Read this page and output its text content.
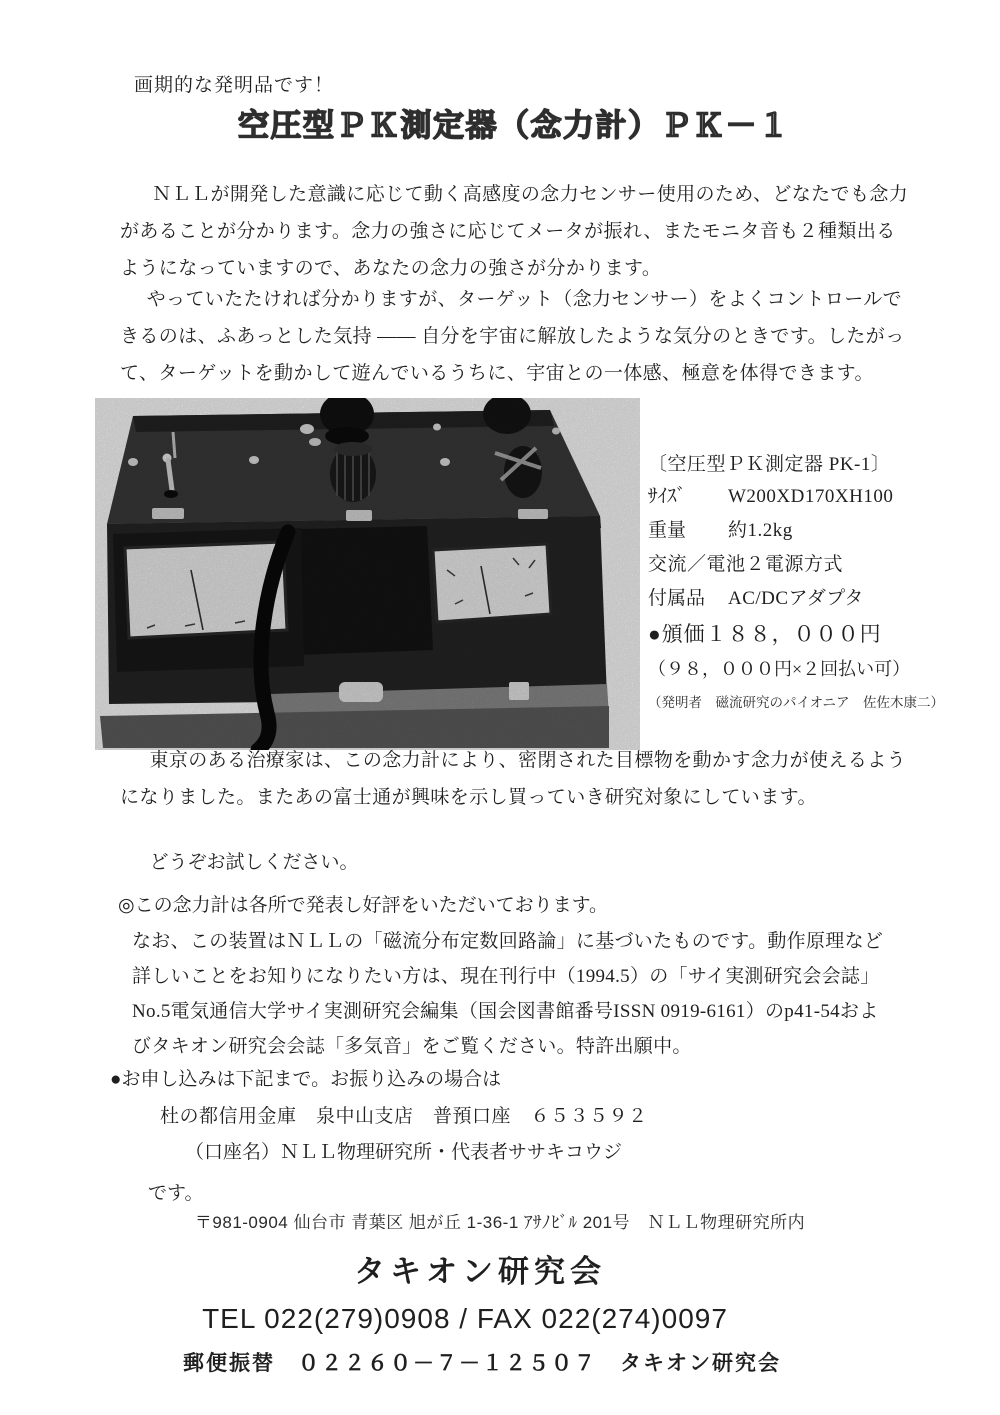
画期的な発明品です！
空圧型ＰＫ測定器（念力計）ＰＫ－１
ＮＬＬが開発した意識に応じて動く高感度の念力センサー使用のため、どなたでも念力
があることが分かります。念力の強さに応じてメータが振れ、またモニタ音も２種類出る
ようになっていますので、あなたの念力の強さが分かります。
やっていたたければ分かりますが、ターゲット（念力センサー）をよくコントロールで
きるのは、ふあっとした気持 ―― 自分を宇宙に解放したような気分のときです。したがっ
て、ターゲットを動かして遊んでいるうちに、宇宙との一体感、極意を体得できます。
〔空圧型ＰＫ測定器 PK-1〕
ｻｲｽﾞ W200XD170XH100
重量 約1.2kg
交流／電池２電源方式
付属品 AC/DCアダプタ
●頒価１８８，０００円
（９８，０００円×２回払い可）
（発明者　磁流研究のパイオニア　佐佐木康二）
東京のある治療家は、この念力計により、密閉された目標物を動かす念力が使えるよう
になりました。またあの富士通が興味を示し買っていき研究対象にしています。
どうぞお試しください。
◎この念力計は各所で発表し好評をいただいております。
なお、この装置はＮＬＬの「磁流分布定数回路論」に基づいたものです。動作原理など
詳しいことをお知りになりたい方は、現在刊行中（1994.5）の「サイ実測研究会会誌」
No.5電気通信大学サイ実測研究会編集（国会図書館番号ISSN 0919-6161）のp41-54およ
びタキオン研究会会誌「多気音」をご覧ください。特許出願中。
●お申し込みは下記まで。お振り込みの場合は
杜の都信用金庫　泉中山支店　普預口座　６５３５９２
（口座名）ＮＬＬ物理研究所・代表者ササキコウジ
です。
〒981-0904 仙台市 青葉区 旭が丘 1-36-1 ｱｻﾉﾋﾞﾙ 201号　ＮＬＬ物理研究所内
タキオン研究会
TEL 022(279)0908 / FAX 022(274)0097
郵便振替　０２２６０－７－１２５０７　タキオン研究会
